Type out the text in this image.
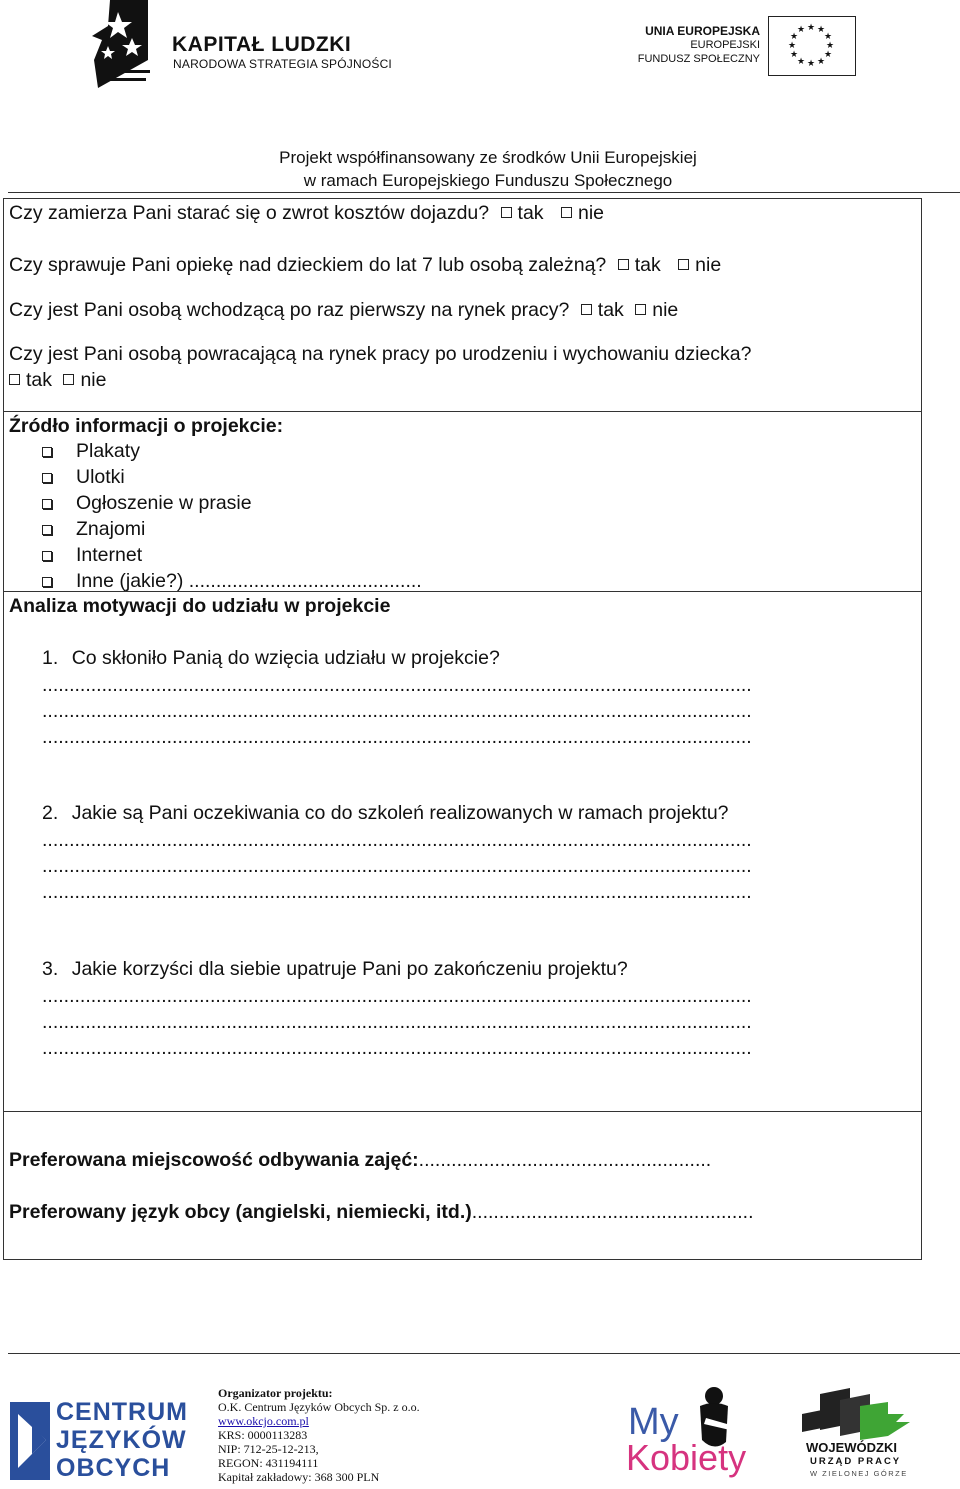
KAPITAŁ LUDZKI
NARODOWA STRATEGIA SPÓJNOŚCI
UNIA EUROPEJSKA
EUROPEJSKI
FUNDUSZ SPOŁECZNY
★ ★
★
★
★
★
★
★
★
★
★
★
Projekt współfinansowany ze środków Unii Europejskiej
w ramach Europejskiego Funduszu Społecznego
Czy zamierza Pani starać się o zwrot kosztów dojazdu? tak nie
Czy sprawuje Pani opiekę nad dzieckiem do lat 7 lub osobą zależną? tak nie
Czy jest Pani osobą wchodzącą po raz pierwszy na rynek pracy? tak nie
Czy jest Pani osobą powracającą na rynek pracy po urodzeniu i wychowaniu dziecka?
tak nie
Źródło informacji o projekcie:
Plakaty
Ulotki
Ogłoszenie w prasie
Znajomi
Internet
Inne (jakie?) ...........................................
Analiza motywacji do udziału w projekcie
1. Co skłoniło Panią do wzięcia udziału w projekcie?
...................................................................................................................................
...................................................................................................................................
...................................................................................................................................
2. Jakie są Pani oczekiwania co do szkoleń realizowanych w ramach projektu?
...................................................................................................................................
...................................................................................................................................
...................................................................................................................................
3. Jakie korzyści dla siebie upatruje Pani po zakończeniu projektu?
...................................................................................................................................
...................................................................................................................................
...................................................................................................................................
Preferowana miejscowość odbywania zajęć:......................................................
Preferowany język obcy (angielski, niemiecki, itd.)....................................................
CENTRUM
JĘZYKÓW
OBCYCH
Organizator projektu:
O.K. Centrum Języków Obcych Sp. z o.o.
www.okcjo.com.pl
KRS: 0000113283
NIP: 712-25-12-213,
REGON: 431194111
Kapitał zakładowy: 368 300 PLN
My
Kobiety	WOJEWÓDZKI
URZĄD PRACY
W ZIELONEJ GÓRZE
